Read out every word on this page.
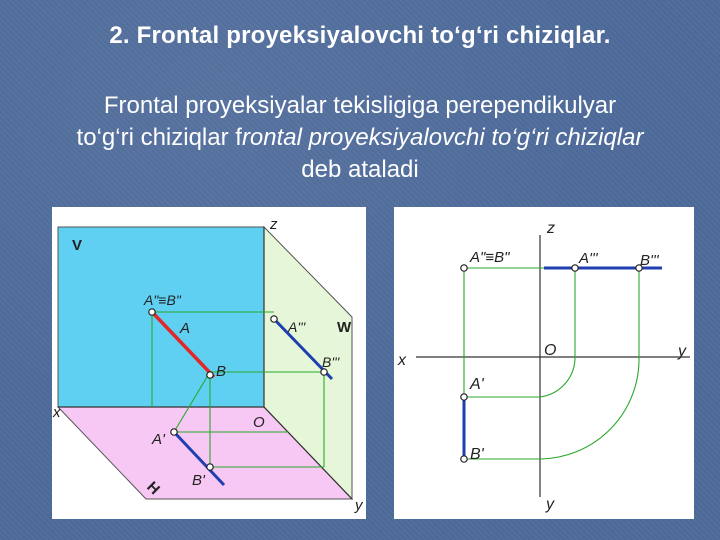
2. Frontal proyeksiyalovchi to‘g‘ri chiziqlar.
Frontal proyeksiyalar tekisligiga perependikulyar
to‘g‘ri chiziqlar frontal proyeksiyalovchi to‘g‘ri chiziqlar
deb ataladi
V
W
H
z
x
y
O
A"≡B"
A
B
A'''
B'''
A'
B'
z
x
y
y
O
A"≡B"	A'''	B'''
A'
B'
